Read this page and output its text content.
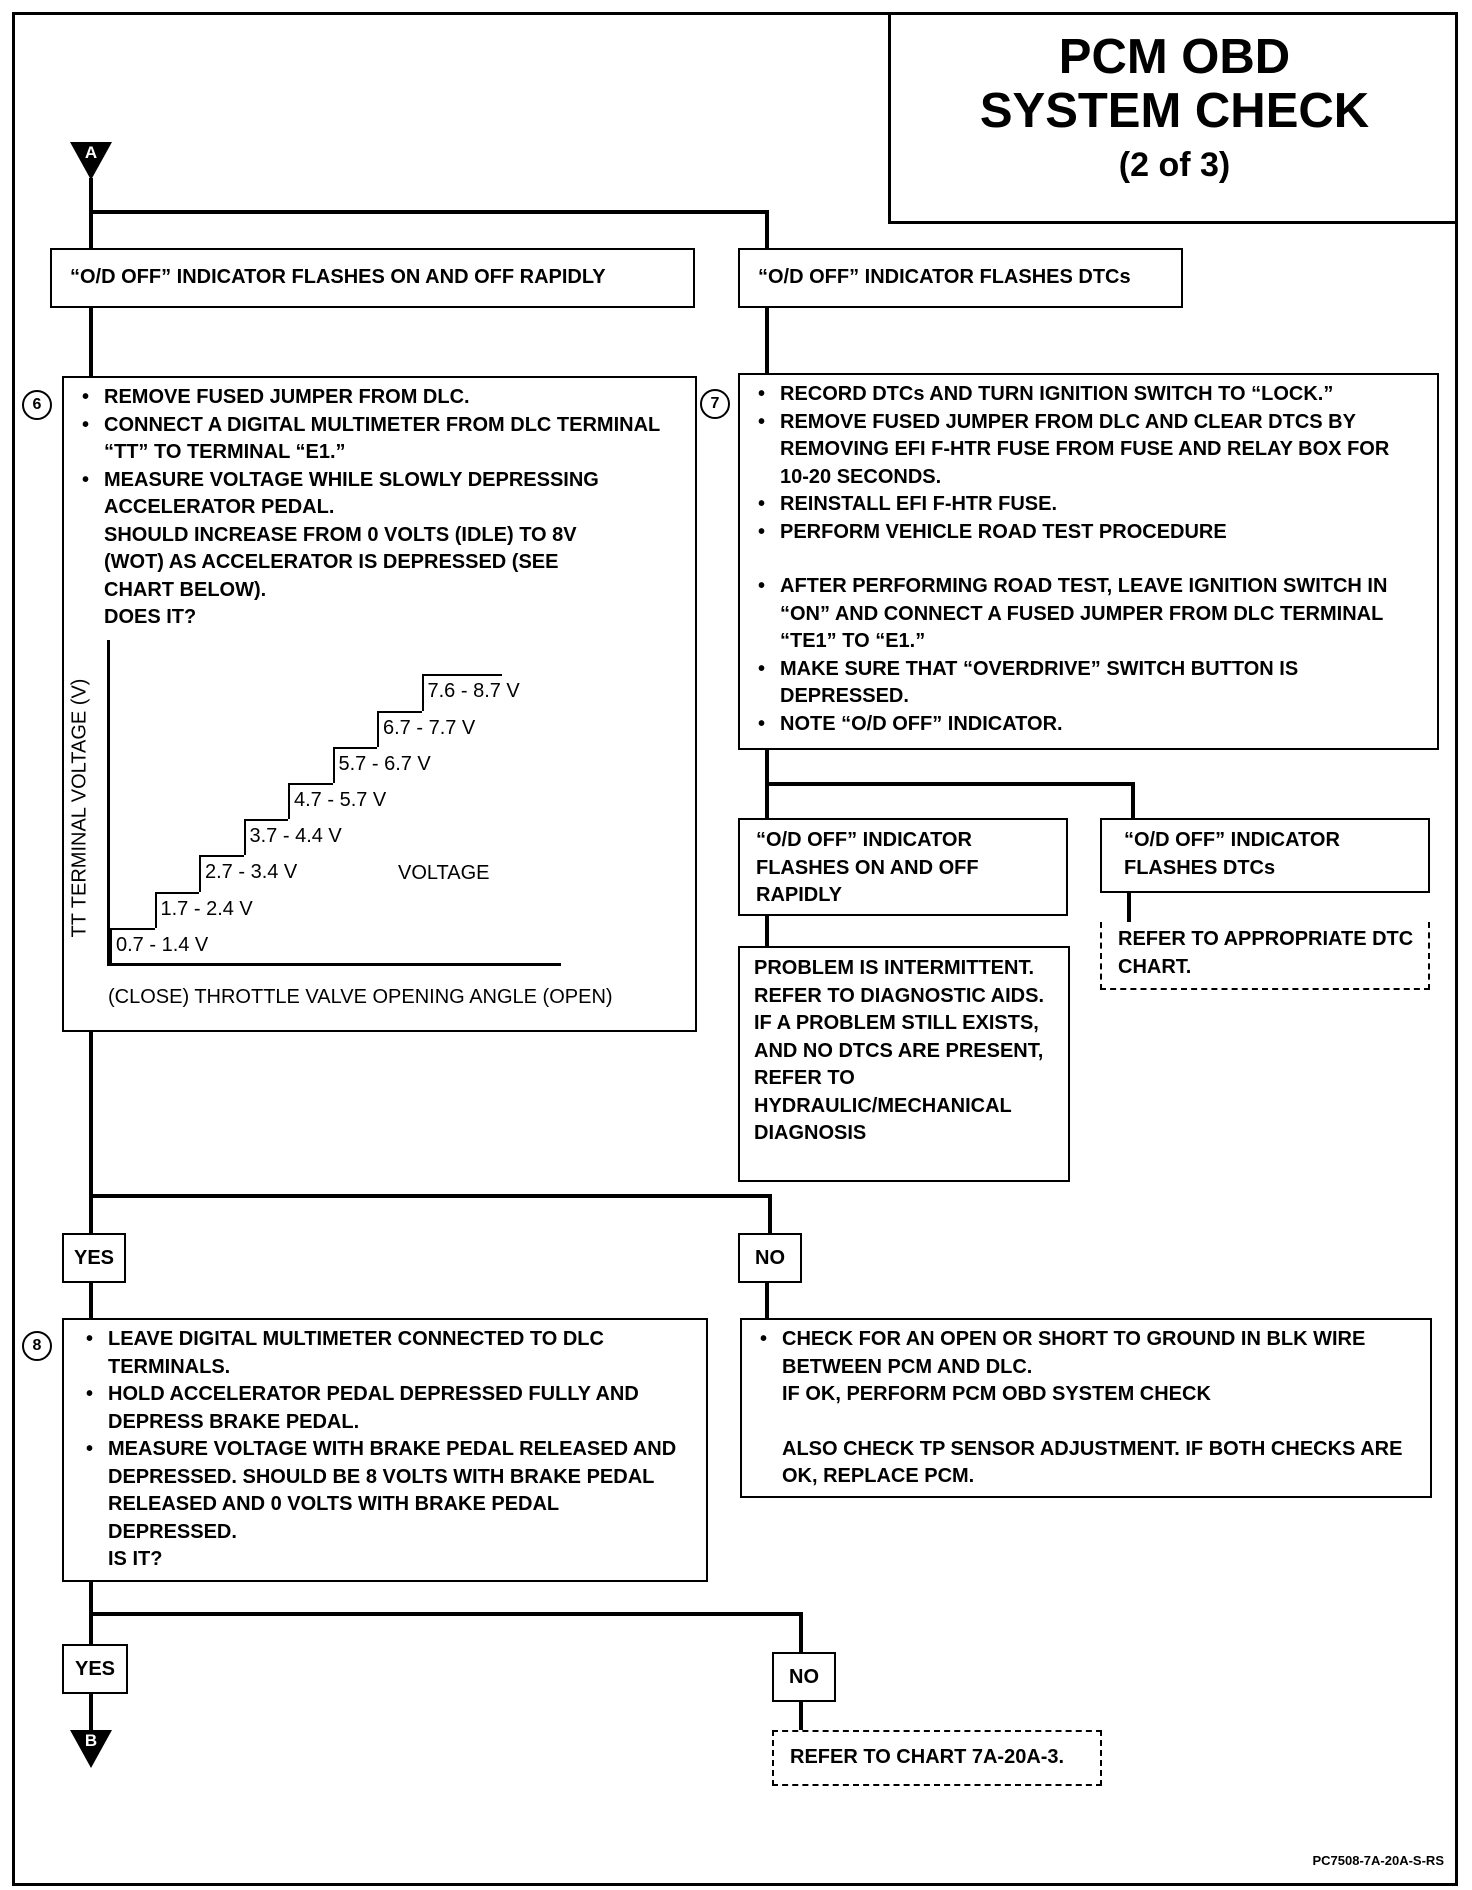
PCM OBD
SYSTEM CHECK
(2 of 3)
A
“O/D OFF” INDICATOR FLASHES ON AND OFF RAPIDLY	“O/D OFF” INDICATOR FLASHES DTCs
6	• REMOVE FUSED JUMPER FROM DLC.
• CONNECT A DIGITAL MULTIMETER FROM DLC TERMINAL “TT” TO TERMINAL “E1.”
• MEASURE VOLTAGE WHILE SLOWLY DEPRESSING ACCELERATOR PEDAL.
SHOULD INCREASE FROM 0 VOLTS (IDLE) TO 8V
(WOT) AS ACCELERATOR IS DEPRESSED (SEE
CHART BELOW).
DOES IT?
TT TERMINAL VOLTAGE (V)	VOLTAGE
(CLOSE) THROTTLE VALVE OPENING ANGLE (OPEN)
0.7 - 1.4 V
1.7 - 2.4 V
2.7 - 3.4 V
3.7 - 4.4 V
4.7 - 5.7 V
5.7 - 6.7 V
6.7 - 7.7 V
7.6 - 8.7 V
7	• RECORD DTCs AND TURN IGNITION SWITCH TO “LOCK.”
• REMOVE FUSED JUMPER FROM DLC AND CLEAR DTCS BY REMOVING EFI F-HTR FUSE FROM FUSE AND RELAY BOX FOR 10-20 SECONDS.
• REINSTALL EFI F-HTR FUSE.
• PERFORM VEHICLE ROAD TEST PROCEDURE
• AFTER PERFORMING ROAD TEST, LEAVE IGNITION SWITCH IN “ON” AND CONNECT A FUSED JUMPER FROM DLC TERMINAL “TE1” TO “E1.”
• MAKE SURE THAT “OVERDRIVE” SWITCH BUTTON IS DEPRESSED.
• NOTE “O/D OFF” INDICATOR.
“O/D OFF” INDICATOR FLASHES ON AND OFF RAPIDLY
“O/D OFF” INDICATOR FLASHES DTCs
PROBLEM IS INTERMITTENT. REFER TO DIAGNOSTIC AIDS. IF A PROBLEM STILL EXISTS, AND NO DTCS ARE PRESENT, REFER TO HYDRAULIC/MECHANICAL DIAGNOSIS
REFER TO APPROPRIATE DTC CHART.
YES	NO
8	• LEAVE DIGITAL MULTIMETER CONNECTED TO DLC TERMINALS.
• HOLD ACCELERATOR PEDAL DEPRESSED FULLY AND DEPRESS BRAKE PEDAL.
• MEASURE VOLTAGE WITH BRAKE PEDAL RELEASED AND DEPRESSED. SHOULD BE 8 VOLTS WITH BRAKE PEDAL RELEASED AND 0 VOLTS WITH BRAKE PEDAL DEPRESSED.
IS IT?
• CHECK FOR AN OPEN OR SHORT TO GROUND IN BLK WIRE BETWEEN PCM AND DLC.
IF OK, PERFORM PCM OBD SYSTEM CHECK
ALSO CHECK TP SENSOR ADJUSTMENT. IF BOTH CHECKS ARE OK, REPLACE PCM.
YES	NO
B
REFER TO CHART 7A-20A-3.
PC7508-7A-20A-S-RS
